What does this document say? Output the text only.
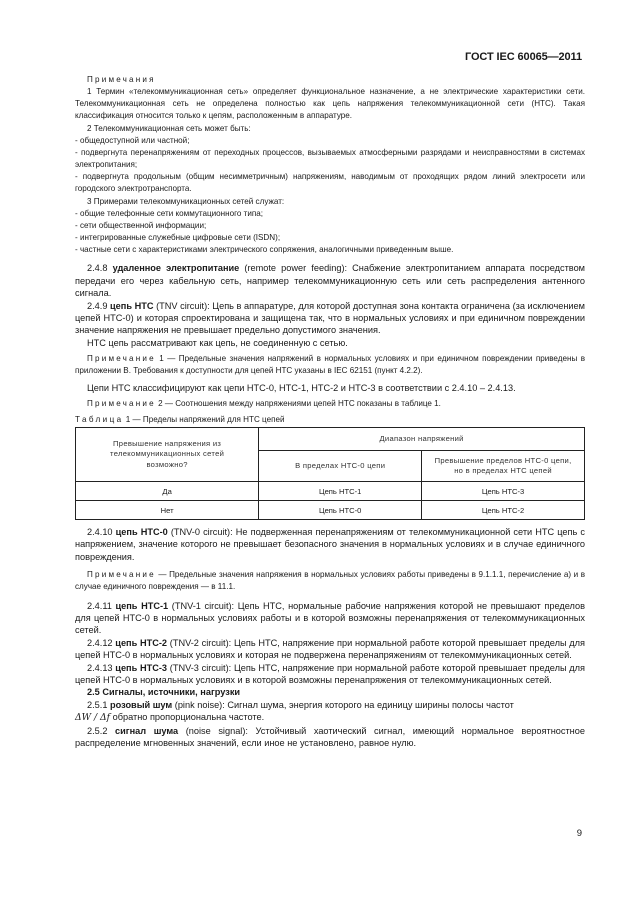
ГОСТ IEC 60065—2011

Примечания

1 Термин «телекоммуникационная сеть» определяет функциональное назначение, а не электрические характеристики сети. Телекоммуникационная сеть не определена полностью как цепь напряжения телекоммуникационной сети (НТС). Такая классификация относится только к цепям, расположенным в аппаратуре.

2 Телекоммуникационная сеть может быть:

- общедоступной или частной;

- подвергнута перенапряжениям от переходных процессов, вызываемых атмосферными разрядами и неисправностями в системах электропитания;

- подвергнута продольным (общим несимметричным) напряжениям, наводимым от проходящих рядом линий электросети или городского электротранспорта.

3 Примерами телекоммуникационных сетей служат:

- общие телефонные сети коммутационного типа;

- сети общественной информации;

- интегрированные служебные цифровые сети (ISDN);

- частные сети с характеристиками электрического сопряжения, аналогичными приведенным выше.

2.4.8 удаленное электропитание (remote power feeding): Снабжение электропитанием аппарата посредством передачи его через кабельную сеть, например телекоммуникационную сеть или сеть распределения антенного сигнала.

2.4.9 цепь НТС (TNV circuit): Цепь в аппаратуре, для которой доступная зона контакта ограничена (за исключением цепей НТС-0) и которая спроектирована и защищена так, что в нормальных условиях и при единичном повреждении значение напряжения не превышает предельно допустимого значения.

НТС цепь рассматривают как цепь, не соединенную с сетью.

Примечание 1 — Предельные значения напряжений в нормальных условиях и при единичном повреждении приведены в приложении В. Требования к доступности для цепей НТС указаны в IEC 62151 (пункт 4.2.2).

Цепи НТС классифицируют как цепи НТС-0, НТС-1, НТС-2 и НТС-3 в соответствии с 2.4.10 – 2.4.13.

Примечание 2 — Соотношения между напряжениями цепей НТС показаны в таблице 1.

Таблица 1 — Пределы напряжений для НТС цепей
Превышение напряжения из телекоммуникационных сетей возможно?	Диапазон напряжений	
	В пределах НТС-0 цепи	Превышение пределов НТС-0 цепи, но в пределах НТС цепей
Да	Цепь НТС-1	Цепь НТС-3
Нет	Цепь НТС-0	Цепь НТС-2

2.4.10 цепь НТС-0 (TNV-0 circuit): Не подверженная перенапряжениям от телекоммуникационной сети НТС цепь с напряжением, значение которого не превышает безопасного значения в нормальных условиях и в случае единичного повреждения.

Примечание — Предельные значения напряжения в нормальных условиях работы приведены в 9.1.1.1, перечисление а) и в случае единичного повреждения — в 11.1.

2.4.11 цепь НТС-1 (TNV-1 circuit): Цепь НТС, нормальные рабочие напряжения которой не превышают пределов для цепей НТС-0 в нормальных условиях работы и в которой возможны перенапряжения от телекоммуникационных сетей.

2.4.12 цепь НТС-2 (TNV-2 circuit): Цепь НТС, напряжение при нормальной работе которой превышает пределы для цепей НТС-0 в нормальных условиях и которая не подвержена перенапряжениям от телекоммуникационных сетей.

2.4.13 цепь НТС-3 (TNV-3 circuit): Цепь НТС, напряжение при нормальной работе которой превышает пределы для цепей НТС-0 в нормальных условиях и в которой возможны перенапряжения от телекоммуникационных сетей.

2.5 Сигналы, источники, нагрузки

2.5.1 розовый шум (pink noise): Сигнал шума, энергия которого на единицу ширины полосы частот

ΔW / Δf обратно пропорциональна частоте.

2.5.2 сигнал шума (noise signal): Устойчивый хаотический сигнал, имеющий нормальное вероятностное распределение мгновенных значений, если иное не установлено, равное нулю.

9
